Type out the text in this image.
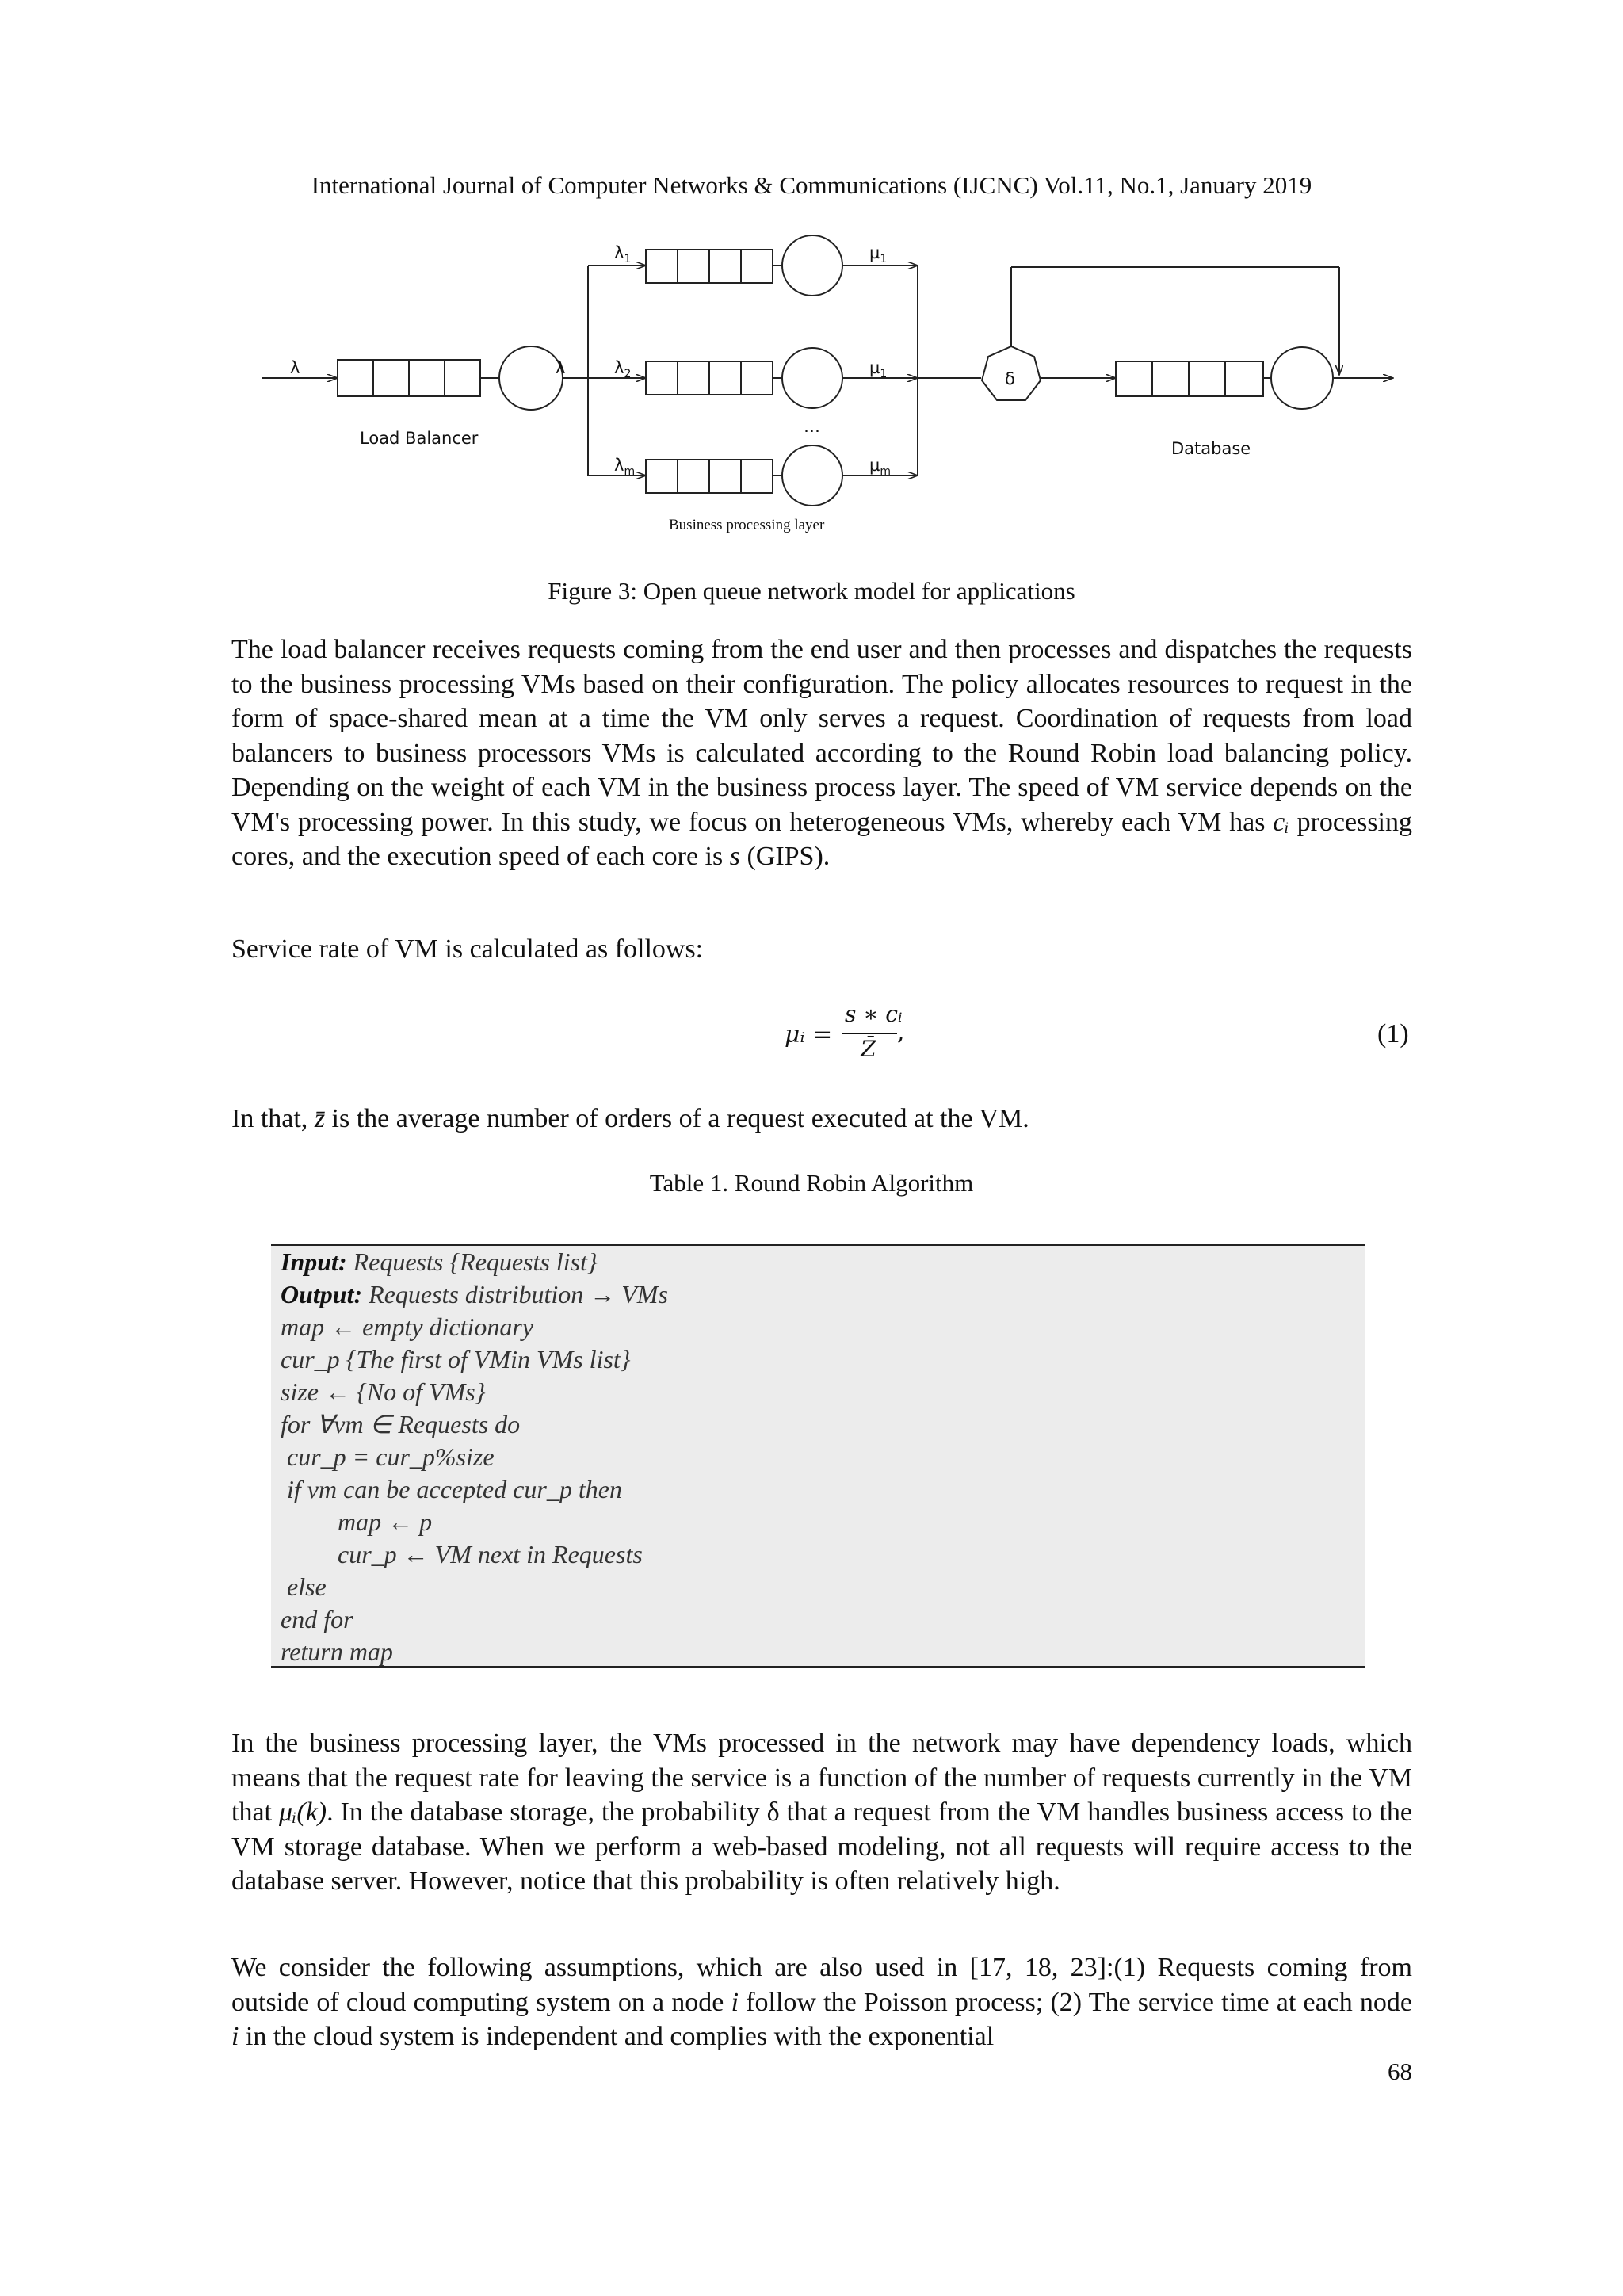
International Journal of Computer Networks & Communications (IJCNC) Vol.11, No.1, January 2019
λ	λ
$\lambda_1$
$\lambda_2$
$\lambda_m$
µ$_1$
µ$_1$
µ$_m$
δ
…
Load Balancer
Database
Business processing layer
Figure 3: Open queue network model for applications

The load balancer receives requests coming from the end user and then processes and dispatches the requests to the business processing VMs based on their configuration. The policy allocates resources to request in the form of space-shared mean at a time the VM only serves a request. Coordination of requests from load balancers to business processors VMs is calculated according to the Round Robin load balancing policy. Depending on the weight of each VM in the business process layer. The speed of VM service depends on the VM's processing power. In this study, we focus on heterogeneous VMs, whereby each VM has cᵢ processing cores, and the execution speed of each core is s (GIPS).

Service rate of VM is calculated as follows:

μᵢ =
s ∗ cᵢ
Z̄
,	(1)

In that, z̄ is the average number of orders of a request executed at the VM.

Table 1. Round Robin Algorithm
Input: Requests {Requests list}
Output: Requests distribution → VMs
map ← empty dictionary
cur_p {The first of VMin VMs list}
size ← {No of VMs}
for ∀vm ∈ Requests do
cur_p = cur_p%size
if vm can be accepted cur_p then
map ← p
cur_p ← VM next in Requests
else
end for
return map

In the business processing layer, the VMs processed in the network may have dependency loads, which means that the request rate for leaving the service is a function of the number of requests currently in the VM that μᵢ(k). In the database storage, the probability δ that a request from the VM handles business access to the VM storage database. When we perform a web-based modeling, not all requests will require access to the database server. However, notice that this probability is often relatively high.

We consider the following assumptions, which are also used in [17, 18, 23]:(1) Requests coming from outside of cloud computing system on a node i follow the Poisson process; (2) The service time at each node i in the cloud system is independent and complies with the exponential

68
